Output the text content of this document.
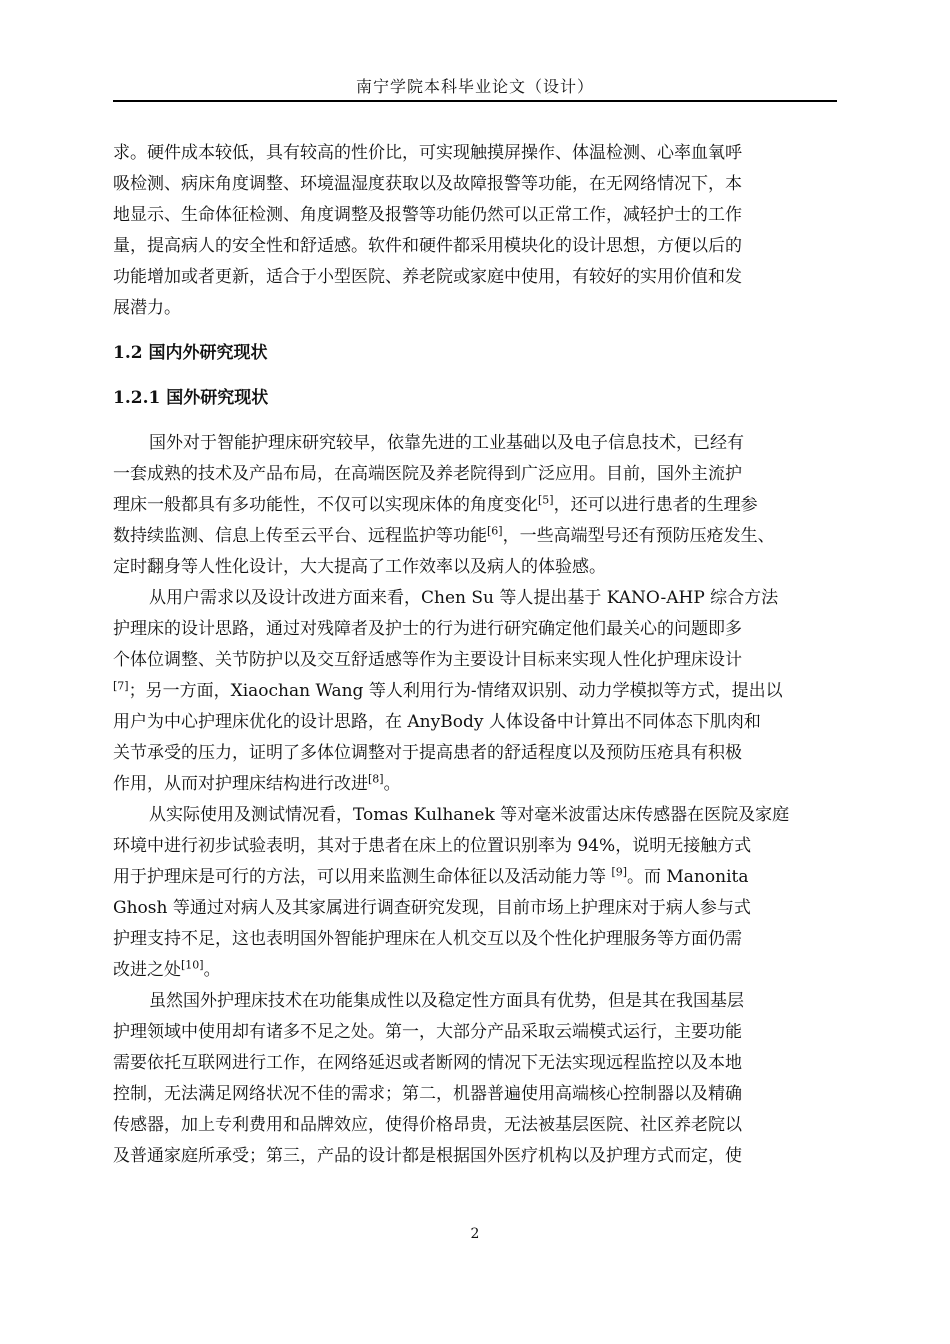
南宁学院本科毕业论文（设计）

求。硬件成本较低，具有较高的性价比，可实现触摸屏操作、体温检测、心率血氧呼
吸检测、病床角度调整、环境温湿度获取以及故障报警等功能，在无网络情况下，本
地显示、生命体征检测、角度调整及报警等功能仍然可以正常工作，减轻护士的工作
量，提高病人的安全性和舒适感。软件和硬件都采用模块化的设计思想，方便以后的
功能增加或者更新，适合于小型医院、养老院或家庭中使用，有较好的实用价值和发
展潜力。

1.2 国内外研究现状

1.2.1 国外研究现状

国外对于智能护理床研究较早，依靠先进的工业基础以及电子信息技术，已经有
一套成熟的技术及产品布局，在高端医院及养老院得到广泛应用。目前，国外主流护
理床一般都具有多功能性，不仅可以实现床体的角度变化[5]，还可以进行患者的生理参
数持续监测、信息上传至云平台、远程监护等功能[6]，一些高端型号还有预防压疮发生、
定时翻身等人性化设计，大大提高了工作效率以及病人的体验感。

从用户需求以及设计改进方面来看，Chen Su 等人提出基于 KANO-AHP 综合方法
护理床的设计思路，通过对残障者及护士的行为进行研究确定他们最关心的问题即多
个体位调整、关节防护以及交互舒适感等作为主要设计目标来实现人性化护理床设计
[7]；另一方面，Xiaochan Wang 等人利用行为-情绪双识别、动力学模拟等方式，提出以
用户为中心护理床优化的设计思路，在 AnyBody 人体设备中计算出不同体态下肌肉和
关节承受的压力，证明了多体位调整对于提高患者的舒适程度以及预防压疮具有积极
作用，从而对护理床结构进行改进[8]。

从实际使用及测试情况看，Tomas Kulhanek 等对毫米波雷达床传感器在医院及家庭
环境中进行初步试验表明，其对于患者在床上的位置识别率为 94%，说明无接触方式
用于护理床是可行的方法，可以用来监测生命体征以及活动能力等 [9]。而 Manonita
Ghosh 等通过对病人及其家属进行调查研究发现，目前市场上护理床对于病人参与式
护理支持不足，这也表明国外智能护理床在人机交互以及个性化护理服务等方面仍需
改进之处[10]。

虽然国外护理床技术在功能集成性以及稳定性方面具有优势，但是其在我国基层
护理领域中使用却有诸多不足之处。第一，大部分产品采取云端模式运行，主要功能
需要依托互联网进行工作，在网络延迟或者断网的情况下无法实现远程监控以及本地
控制，无法满足网络状况不佳的需求；第二，机器普遍使用高端核心控制器以及精确
传感器，加上专利费用和品牌效应，使得价格昂贵，无法被基层医院、社区养老院以
及普通家庭所承受；第三，产品的设计都是根据国外医疗机构以及护理方式而定，使

2
